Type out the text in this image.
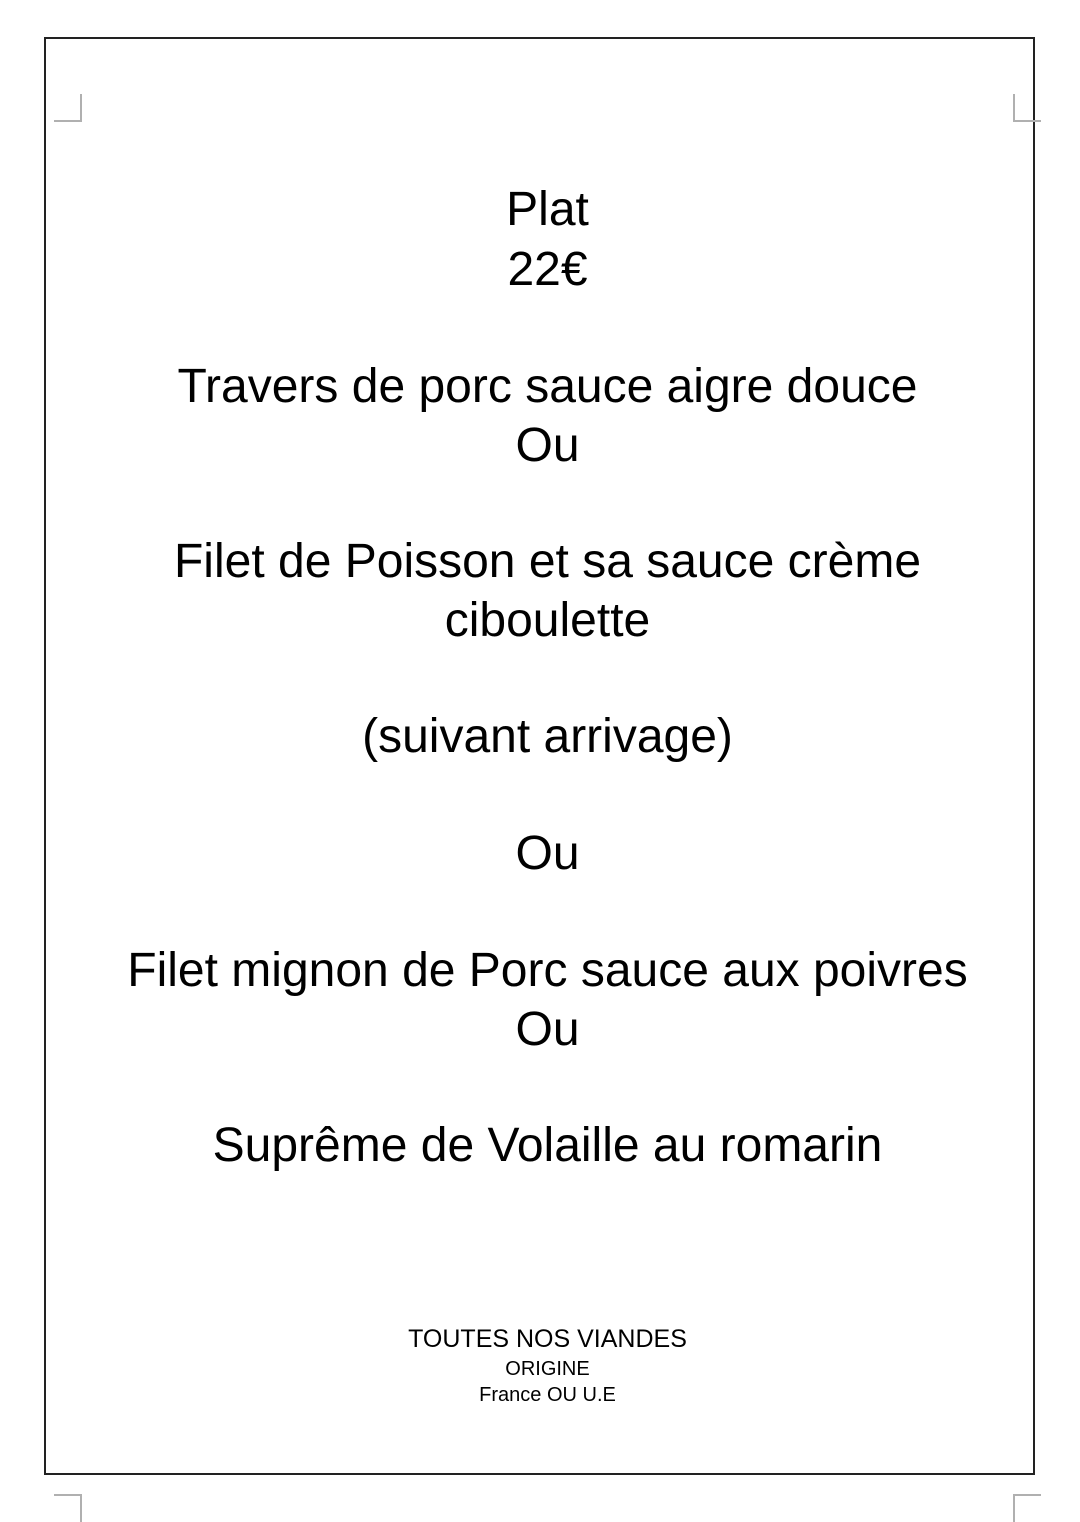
Plat
22€
Travers de porc sauce aigre douce
Ou
Filet de Poisson et sa sauce crème
ciboulette
(suivant arrivage)
Ou
Filet mignon de Porc sauce aux poivres
Ou
Suprême de Volaille au romarin
TOUTES NOS VIANDES
ORIGINE
France OU U.E
